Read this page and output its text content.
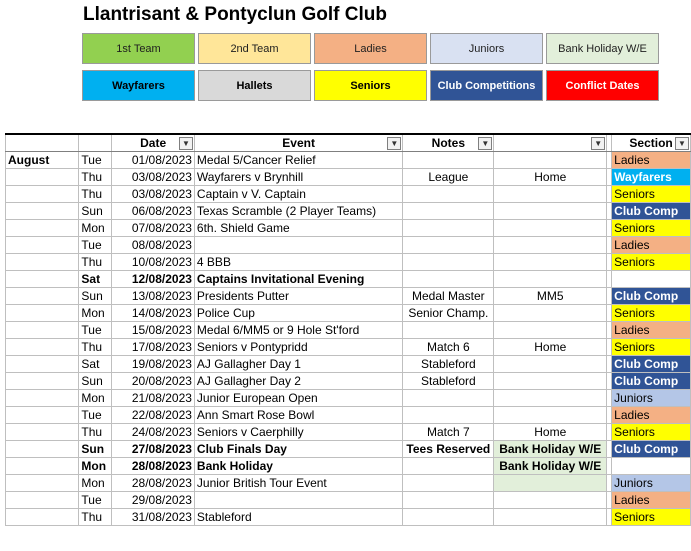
Llantrisant & Pontyclun Golf Club
1st Team	2nd Team	Ladies	Juniors	Bank Holiday W/E
Wayfarers	Hallets	Seniors	Club Competitions	Conflict Dates
		Date ▼	Event ▼	Notes ▼	▼		Section ▼

August	Tue	01/08/2023	Medal 5/Cancer Relief				Ladies
	Thu	03/08/2023	Wayfarers v Brynhill	League	Home		Wayfarers
	Thu	03/08/2023	Captain v V. Captain				Seniors
	Sun	06/08/2023	Texas Scramble (2 Player Teams)				Club Comp
	Mon	07/08/2023	6th. Shield Game				Seniors
	Tue	08/08/2023					Ladies
	Thu	10/08/2023	4 BBB				Seniors
	Sat	12/08/2023	Captains Invitational Evening				
	Sun	13/08/2023	Presidents Putter	Medal Master	MM5		Club Comp
	Mon	14/08/2023	Police Cup	Senior Champ.			Seniors
	Tue	15/08/2023	Medal 6/MM5 or 9 Hole St'ford				Ladies
	Thu	17/08/2023	Seniors v Pontypridd	Match 6	Home		Seniors
	Sat	19/08/2023	AJ Gallagher Day 1	Stableford			Club Comp
	Sun	20/08/2023	AJ Gallagher Day 2	Stableford			Club Comp
	Mon	21/08/2023	Junior European Open				Juniors
	Tue	22/08/2023	Ann Smart Rose Bowl				Ladies
	Thu	24/08/2023	Seniors v Caerphilly	Match 7	Home		Seniors
	Sun	27/08/2023	Club Finals Day	Tees Reserved	Bank Holiday W/E		Club Comp
	Mon	28/08/2023	Bank Holiday		Bank Holiday W/E		
	Mon	28/08/2023	Junior British Tour Event				Juniors
	Tue	29/08/2023					Ladies
	Thu	31/08/2023	Stableford				Seniors
